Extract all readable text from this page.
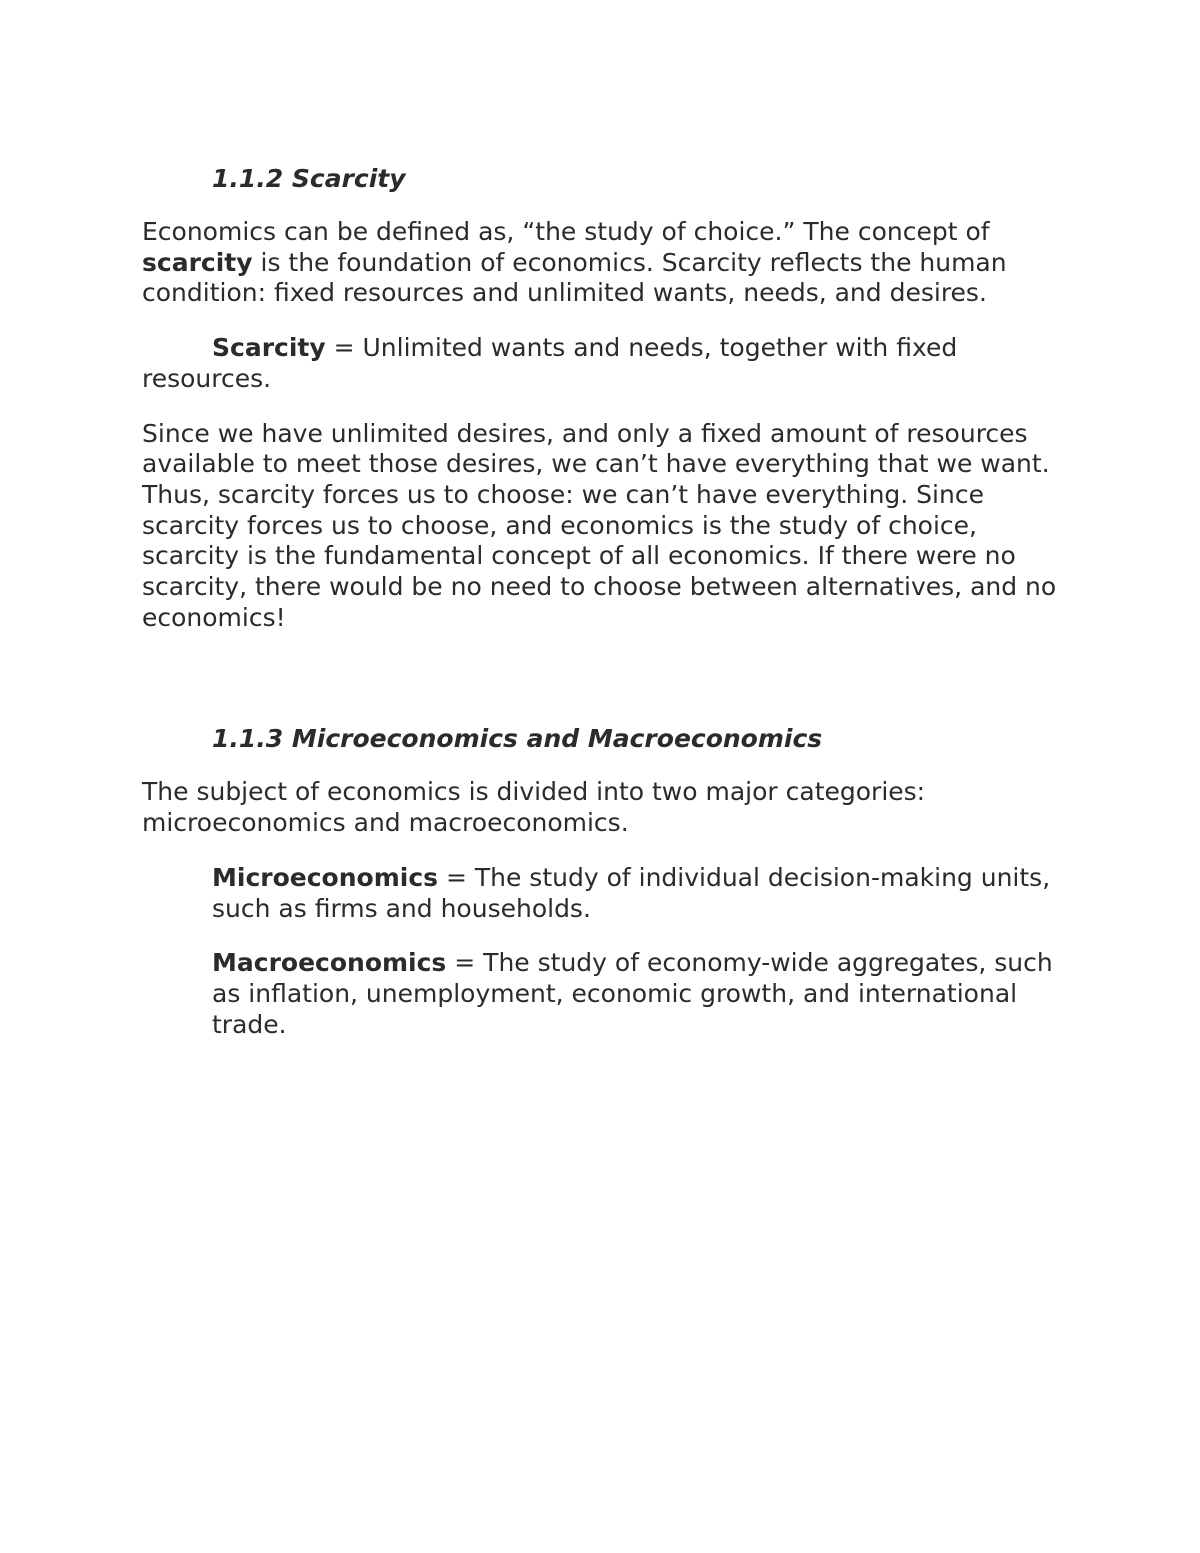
1.1.2 Scarcity

Economics can be defined as, “the study of choice.” The concept of scarcity is the foundation of economics. Scarcity reflects the human condition: fixed resources and unlimited wants, needs, and desires.

Scarcity = Unlimited wants and needs, together with fixed resources.

Since we have unlimited desires, and only a fixed amount of resources available to meet those desires, we can’t have everything that we want. Thus, scarcity forces us to choose: we can’t have everything. Since scarcity forces us to choose, and economics is the study of choice, scarcity is the fundamental concept of all economics. If there were no scarcity, there would be no need to choose between alternatives, and no economics!

1.1.3 Microeconomics and Macroeconomics

The subject of economics is divided into two major categories: microeconomics and macroeconomics.

Microeconomics = The study of individual decision-making units, such as firms and households.

Macroeconomics = The study of economy-wide aggregates, such as inflation, unemployment, economic growth, and international trade.
